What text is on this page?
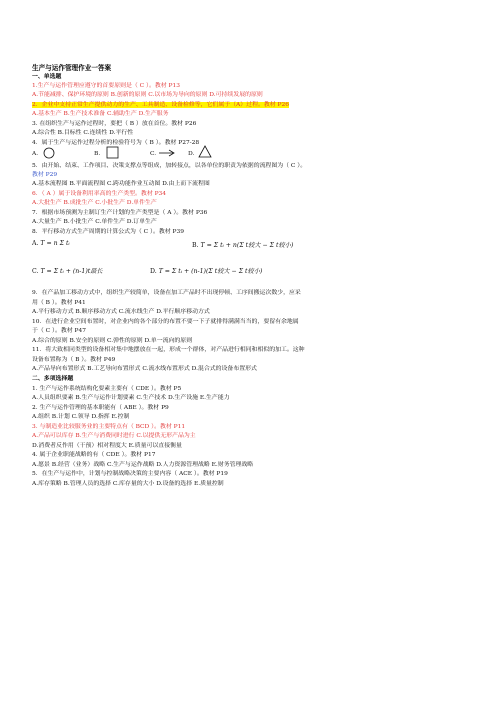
生产与运作管理作业一答案
一、单选题
1.生产与运作管理应遵守的首要原则是（ C ）。教材 P13
A.节能减排、保护环境的原则 B.创新的原则 C.以市场为导向的原则 D.可持续发展的原则
2．企业中支持正常生产提供动力的生产、工具制造、设备检修等，它们属于（A）过程。教材 P26
A.基本生产 B.生产技术准备 C.辅助生产 D.生产服务
3. 在组织生产与运作过程时，要把（ B ）放在首位。教材 P26
A.综合性 B.目标性 C.连续性 D.平行性
4．属于生产与运作过程分析的检验符号为（ B ）。教材 P27-28
A.	B.	C.	D.
5．由开始、结束、工作项目、决策支撑点等组成，加转接点，以各单位的职责为依据的流程图为（ C ）。
教材 P29
A.基本流程图 B.平面流程图 C.跨功能作业互动图 D.由上而下流程图
6．（ A ）属于设备利用率高的生产类型。教材 P34
A.大批生产 B.成批生产 C.小批生产 D.单件生产
7．根据市场预测为主制订生产计划的生产类型是（ A ）。教材 P36
A.大量生产 B.小批生产 C.单件生产 D.订单生产
8．平行移动方式生产周期的计算公式为（ C ）。教材 P39
A. T = n Σ tᵢ	B. T = Σ tᵢ + n(Σ t较大 − Σ t较小)
C. T = Σ tᵢ + (n-1)t最长	D. T = Σ tᵢ + (n-1)(Σ t较大 − Σ t较小)
9．在产品加工移动方式中，组织生产较简单，设备在加工产品时不出现停顿、工序间搬运次数少，应采
用（ B ）。教材 P41
A.平行移动方式 B.顺序移动方式 C.流水线生产 D.平行顺序移动方式
10．在进行企业空间布置时，对企业内的各个部分的布置不要一下子就排得满满当当的，要留有余地属
于（ C ）。教材 P47
A.综合的原则 B.安全的原则 C.弹性的原则 D.单一流向的原则
11．将大致相同类型的设备相对集中地摆放在一起，形成一个群体，对产品进行相同和相似的加工。这种
设备布置称为（ B ）。教材 P49
A.产品导向布置形式 B.工艺导向布置形式 C.流水线布置形式 D.混合式的设备布置形式
二、多项选择题
1. 生产与运作系统结构化要素主要有（ CDE ）。教材 P5
A.人员组织要素 B.生产与运作计划要素 C.生产技术 D.生产设施 E.生产能力
2. 生产与运作管理的基本职能有（ ABE ）。教材 P9
A.组织 B.计划 C.领导 D.指挥 E.控制
3. 与制造业比较服务业的主要特点有（ BCD ）。教材 P11
A.产品可以库存 B.生产与消费同时进行 C.以提供无形产品为主
D.消费者反作用（干预）相对程度大 E.质量可以直接衡量
4. 属于企业职能战略的有（ CDE ）。教材 P17
A.愿景 B.经营（业务）战略 C.生产与运作战略 D.人力资源管理战略 E.财务管理战略
5．在生产与运作中，计划与控制战略决策的主要内容（ ACE ）。教材 P19
A.库存策略 B.管理人员的选择 C.库存量的大小 D.设备的选择 E.质量控制
